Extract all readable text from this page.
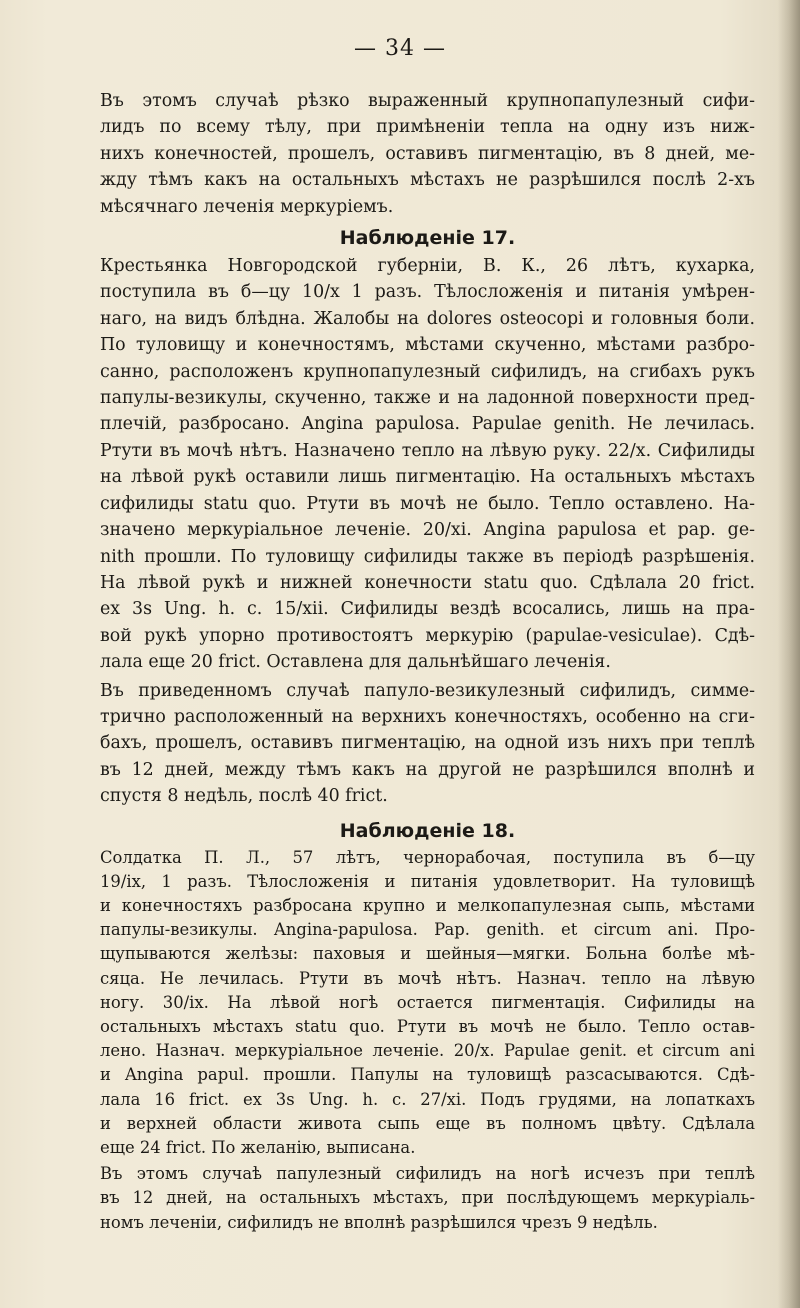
— 34 —
Въ этомъ случаѣ рѣзко выраженный крупнопапулезный сифи-
лидъ по всему тѣлу, при примѣненіи тепла на одну изъ ниж-
нихъ конечностей, прошелъ, оставивъ пигментацію, въ 8 дней, ме-
жду тѣмъ какъ на остальныхъ мѣстахъ не разрѣшился послѣ 2-хъ
мѣсячнаго леченія меркуріемъ.
Наблюденіе 17.
Крестьянка Новгородской губерніи, В. К., 26 лѣтъ, кухарка,
поступила въ б—цу 10/х 1 разъ. Тѣлосложенія и питанія умѣрен-
наго, на видъ блѣдна. Жалобы на dolores osteocopi и головныя боли.
По туловищу и конечностямъ, мѣстами скученно, мѣстами разбро-
санно, расположенъ крупнопапулезный сифилидъ, на сгибахъ рукъ
папулы-везикулы, скученно, также и на ладонной поверхности пред-
плечій, разбросано. Angina papulosa. Papulae genith. Не лечилась.
Ртути въ мочѣ нѣтъ. Назначено тепло на лѣвую руку. 22/х. Сифилиды
на лѣвой рукѣ оставили лишь пигментацію. На остальныхъ мѣстахъ
сифилиды statu quo. Ртути въ мочѣ не было. Тепло оставлено. На-
значено меркуріальное леченіе. 20/хі. Angina papulosa et pap. ge-
nith прошли. По туловищу сифилиды также въ періодѣ разрѣшенія.
На лѣвой рукѣ и нижней конечности statu quo. Сдѣлала 20 frict.
ex 3s Ung. h. c. 15/хіі. Сифилиды вездѣ всосались, лишь на пра-
вой рукѣ упорно противостоятъ меркурію (papulae-vesiculae). Сдѣ-
лала еще 20 frict. Оставлена для дальнѣйшаго леченія.
Въ приведенномъ случаѣ папуло-везикулезный сифилидъ, симме-
трично расположенный на верхнихъ конечностяхъ, особенно на сги-
бахъ, прошелъ, оставивъ пигментацію, на одной изъ нихъ при теплѣ
въ 12 дней, между тѣмъ какъ на другой не разрѣшился вполнѣ и
спустя 8 недѣль, послѣ 40 frict.
Наблюденіе 18.
Солдатка П. Л., 57 лѣтъ, чернорабочая, поступила въ б—цу
19/іх, 1 разъ. Тѣлосложенія и питанія удовлетворит. На туловищѣ
и конечностяхъ разбросана крупно и мелкопапулезная сыпь, мѣстами
папулы-везикулы. Angina-papulosa. Pap. genith. et circum ani. Про-
щупываются желѣзы: паховыя и шейныя—мягки. Больна болѣе мѣ-
сяца. Не лечилась. Ртути въ мочѣ нѣтъ. Назнач. тепло на лѣвую
ногу. 30/іх. На лѣвой ногѣ остается пигментація. Сифилиды на
остальныхъ мѣстахъ statu quo. Ртути въ мочѣ не было. Тепло остав-
лено. Назнач. меркуріальное леченіе. 20/х. Papulae genit. et circum ani
и Angina papul. прошли. Папулы на туловищѣ разсасываются. Сдѣ-
лала 16 frict. ex 3s Ung. h. c. 27/хі. Подъ грудями, на лопаткахъ
и верхней области живота сыпь еще въ полномъ цвѣту. Сдѣлала
еще 24 frict. По желанію, выписана.
Въ этомъ случаѣ папулезный сифилидъ на ногѣ исчезъ при теплѣ
въ 12 дней, на остальныхъ мѣстахъ, при послѣдующемъ меркуріаль-
номъ леченіи, сифилидъ не вполнѣ разрѣшился чрезъ 9 недѣль.
